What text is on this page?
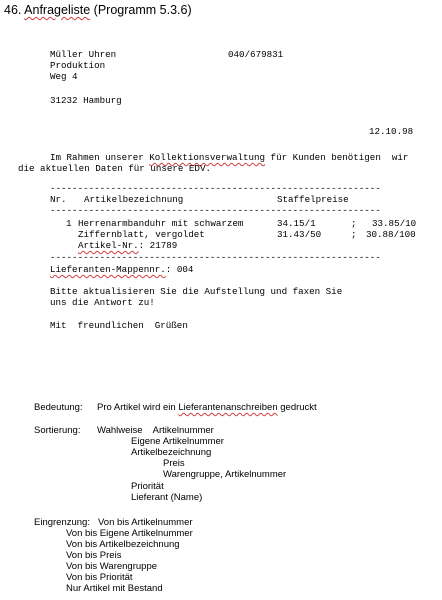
46. Anfrageliste (Programm 5.3.6)
Müller Uhren	040/679831
Produktion
Weg 4
31232 Hamburg
12.10.98
Im Rahmen unserer Kollektionsverwaltung für Kunden benötigen  wir
die aktuellen Daten für unsere EDV.
------------------------------------------------------------
Nr. Artikelbezeichnung	Staffelpreise
------------------------------------------------------------
1 Herrenarmbanduhr mit schwarzem	34.15/1	; 33.85/10
Ziffernblatt, vergoldet	31.43/50	; 30.88/100
Artikel-Nr.: 21789
------------------------------------------------------------
Lieferanten-Mappennr.: 004
Bitte aktualisieren Sie die Aufstellung und faxen Sie
uns die Antwort zu!
Mit  freundlichen  Grüßen
Bedeutung: Pro Artikel wird ein Lieferantenanschreiben gedruckt
Sortierung: Wahlweise    Artikelnummer
Eigene Artikelnummer
Artikelbezeichnung
Preis
Warengruppe, Artikelnummer
Priorität
Lieferant (Name)
Eingrenzung: Von bis Artikelnummer
Von bis Eigene Artikelnummer
Von bis Artikelbezeichnung
Von bis Preis
Von bis Warengruppe
Von bis Priorität
Nur Artikel mit Bestand
